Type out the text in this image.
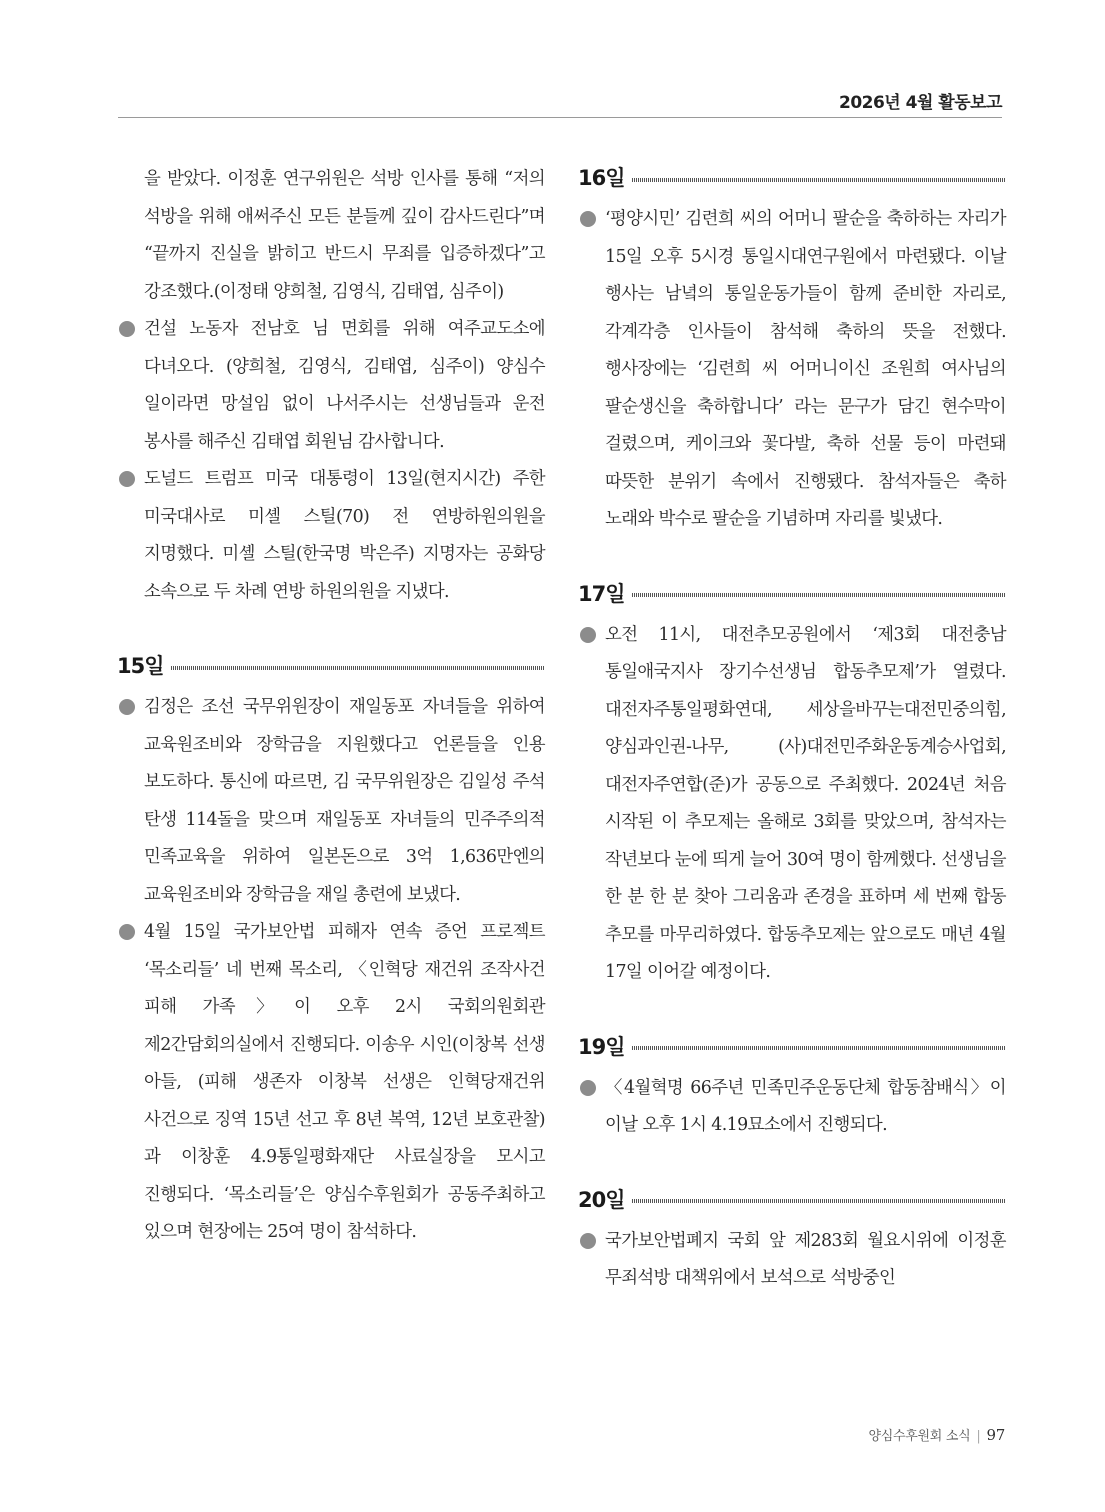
2026년 4월 활동보고
을 받았다. 이정훈 연구위원은 석방 인사를 통해 “저의 석방을 위해 애써주신 모든 분들께 깊이 감사드린다”며 “끝까지 진실을 밝히고 반드시 무죄를 입증하겠다”고 강조했다.(이정태 양희철, 김영식, 김태엽, 심주이)
건설 노동자 전남호 님 면회를 위해 여주교도소에 다녀오다. (양희철, 김영식, 김태엽, 심주이) 양심수 일이라면 망설임 없이 나서주시는 선생님들과 운전 봉사를 해주신 김태엽 회원님 감사합니다.
도널드 트럼프 미국 대통령이 13일(현지시간) 주한 미국대사로 미셸 스틸(70) 전 연방하원의원을 지명했다. 미셸 스틸(한국명 박은주) 지명자는 공화당 소속으로 두 차례 연방 하원의원을 지냈다.
15일
김정은 조선 국무위원장이 재일동포 자녀들을 위하여 교육원조비와 장학금을 지원했다고 언론들을 인용 보도하다. 통신에 따르면, 김 국무위원장은 김일성 주석 탄생 114돌을 맞으며 재일동포 자녀들의 민주주의적 민족교육을 위하여 일본돈으로 3억 1,636만엔의 교육원조비와 장학금을 재일 총련에 보냈다.
4월 15일 국가보안법 피해자 연속 증언 프로젝트 ‘목소리들’ 네 번째 목소리, 〈인혁당 재건위 조작사건 피해 가족〉이 오후 2시 국회의원회관 제2간담회의실에서 진행되다. 이송우 시인(이창복 선생 아들, (피해 생존자 이창복 선생은 인혁당재건위 사건으로 징역 15년 선고 후 8년 복역, 12년 보호관찰)과 이창훈 4.9통일평화재단 사료실장을 모시고 진행되다. ‘목소리들’은 양심수후원회가 공동주최하고 있으며 현장에는 25여 명이 참석하다.
16일
‘평양시민’ 김련희 씨의 어머니 팔순을 축하하는 자리가 15일 오후 5시경 통일시대연구원에서 마련됐다. 이날 행사는 남녘의 통일운동가들이 함께 준비한 자리로, 각계각층 인사들이 참석해 축하의 뜻을 전했다. 행사장에는 ‘김련희 씨 어머니이신 조원희 여사님의 팔순생신을 축하합니다’ 라는 문구가 담긴 현수막이 걸렸으며, 케이크와 꽃다발, 축하 선물 등이 마련돼 따뜻한 분위기 속에서 진행됐다. 참석자들은 축하 노래와 박수로 팔순을 기념하며 자리를 빛냈다.
17일
오전 11시, 대전추모공원에서 ‘제3회 대전충남 통일애국지사 장기수선생님 합동추모제’가 열렸다. 대전자주통일평화연대, 세상을바꾸는대전민중의힘, 양심과인권-나무, (사)대전민주화운동계승사업회, 대전자주연합(준)가 공동으로 주최했다. 2024년 처음 시작된 이 추모제는 올해로 3회를 맞았으며, 참석자는 작년보다 눈에 띄게 늘어 30여 명이 함께했다. 선생님을 한 분 한 분 찾아 그리움과 존경을 표하며 세 번째 합동 추모를 마무리하였다. 합동추모제는 앞으로도 매년 4월 17일 이어갈 예정이다.
19일
〈4월혁명 66주년 민족민주운동단체 합동참배식〉이 이날 오후 1시 4.19묘소에서 진행되다.
20일
국가보안법폐지 국회 앞 제283회 월요시위에 이정훈 무죄석방 대책위에서 보석으로 석방중인
양심수후원회 소식 | 97
